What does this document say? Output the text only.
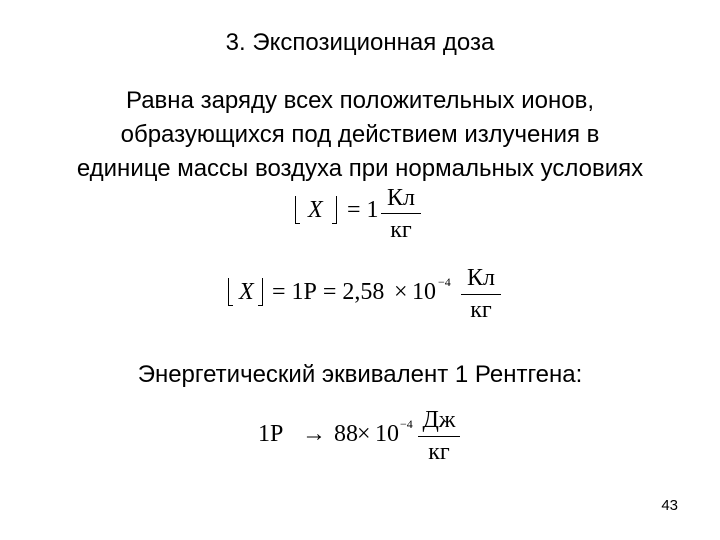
3. Экспозиционная доза
Равна заряду всех положительных ионов,
образующихся под действием излучения в
единице массы воздуха при нормальных условиях
X = 1 Кл
кг
X = 1Р = 2,58 × 10 −4 Кл
кг
Энергетический эквивалент 1 Рентгена:
1Р → 88 × 10 −4 Дж
кг
43
